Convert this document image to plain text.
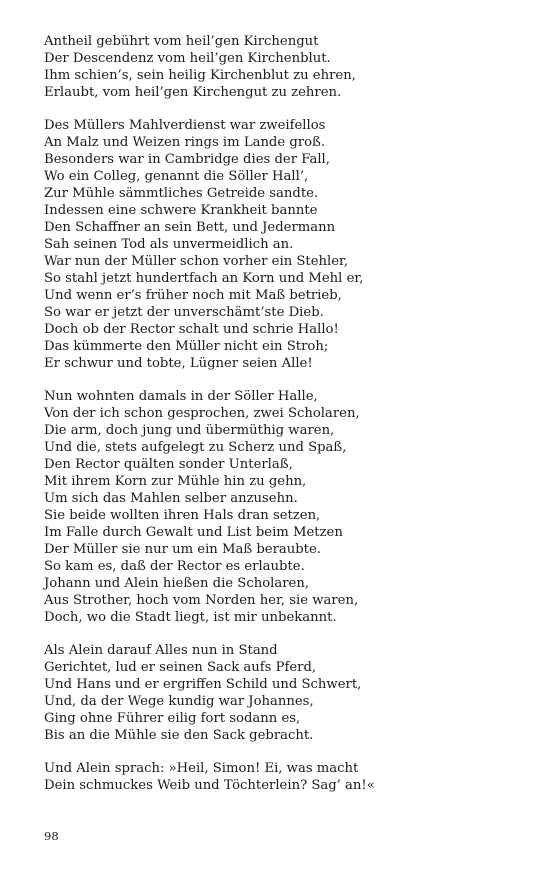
Antheil gebührt vom heil’gen Kirchengut
Der Descendenz vom heil’gen Kirchenblut.
Ihm schien’s, sein heilig Kirchenblut zu ehren,
Erlaubt, vom heil’gen Kirchengut zu zehren.
Des Müllers Mahlverdienst war zweifellos
An Malz und Weizen rings im Lande groß.
Besonders war in Cambridge dies der Fall,
Wo ein Colleg, genannt die Söller Hall’,
Zur Mühle sämmtliches Getreide sandte.
Indessen eine schwere Krankheit bannte
Den Schaffner an sein Bett, und Jedermann
Sah seinen Tod als unvermeidlich an.
War nun der Müller schon vorher ein Stehler,
So stahl jetzt hundertfach an Korn und Mehl er,
Und wenn er’s früher noch mit Maß betrieb,
So war er jetzt der unverschämt’ste Dieb.
Doch ob der Rector schalt und schrie Hallo!
Das kümmerte den Müller nicht ein Stroh;
Er schwur und tobte, Lügner seien Alle!
Nun wohnten damals in der Söller Halle,
Von der ich schon gesprochen, zwei Scholaren,
Die arm, doch jung und übermüthig waren,
Und die, stets aufgelegt zu Scherz und Spaß,
Den Rector quälten sonder Unterlaß,
Mit ihrem Korn zur Mühle hin zu gehn,
Um sich das Mahlen selber anzusehn.
Sie beide wollten ihren Hals dran setzen,
Im Falle durch Gewalt und List beim Metzen
Der Müller sie nur um ein Maß beraubte.
So kam es, daß der Rector es erlaubte.
Johann und Alein hießen die Scholaren,
Aus Strother, hoch vom Norden her, sie waren,
Doch, wo die Stadt liegt, ist mir unbekannt.
Als Alein darauf Alles nun in Stand
Gerichtet, lud er seinen Sack aufs Pferd,
Und Hans und er ergriffen Schild und Schwert,
Und, da der Wege kundig war Johannes,
Ging ohne Führer eilig fort sodann es,
Bis an die Mühle sie den Sack gebracht.
Und Alein sprach: »Heil, Simon! Ei, was macht
Dein schmuckes Weib und Töchterlein? Sag’ an!«
98
